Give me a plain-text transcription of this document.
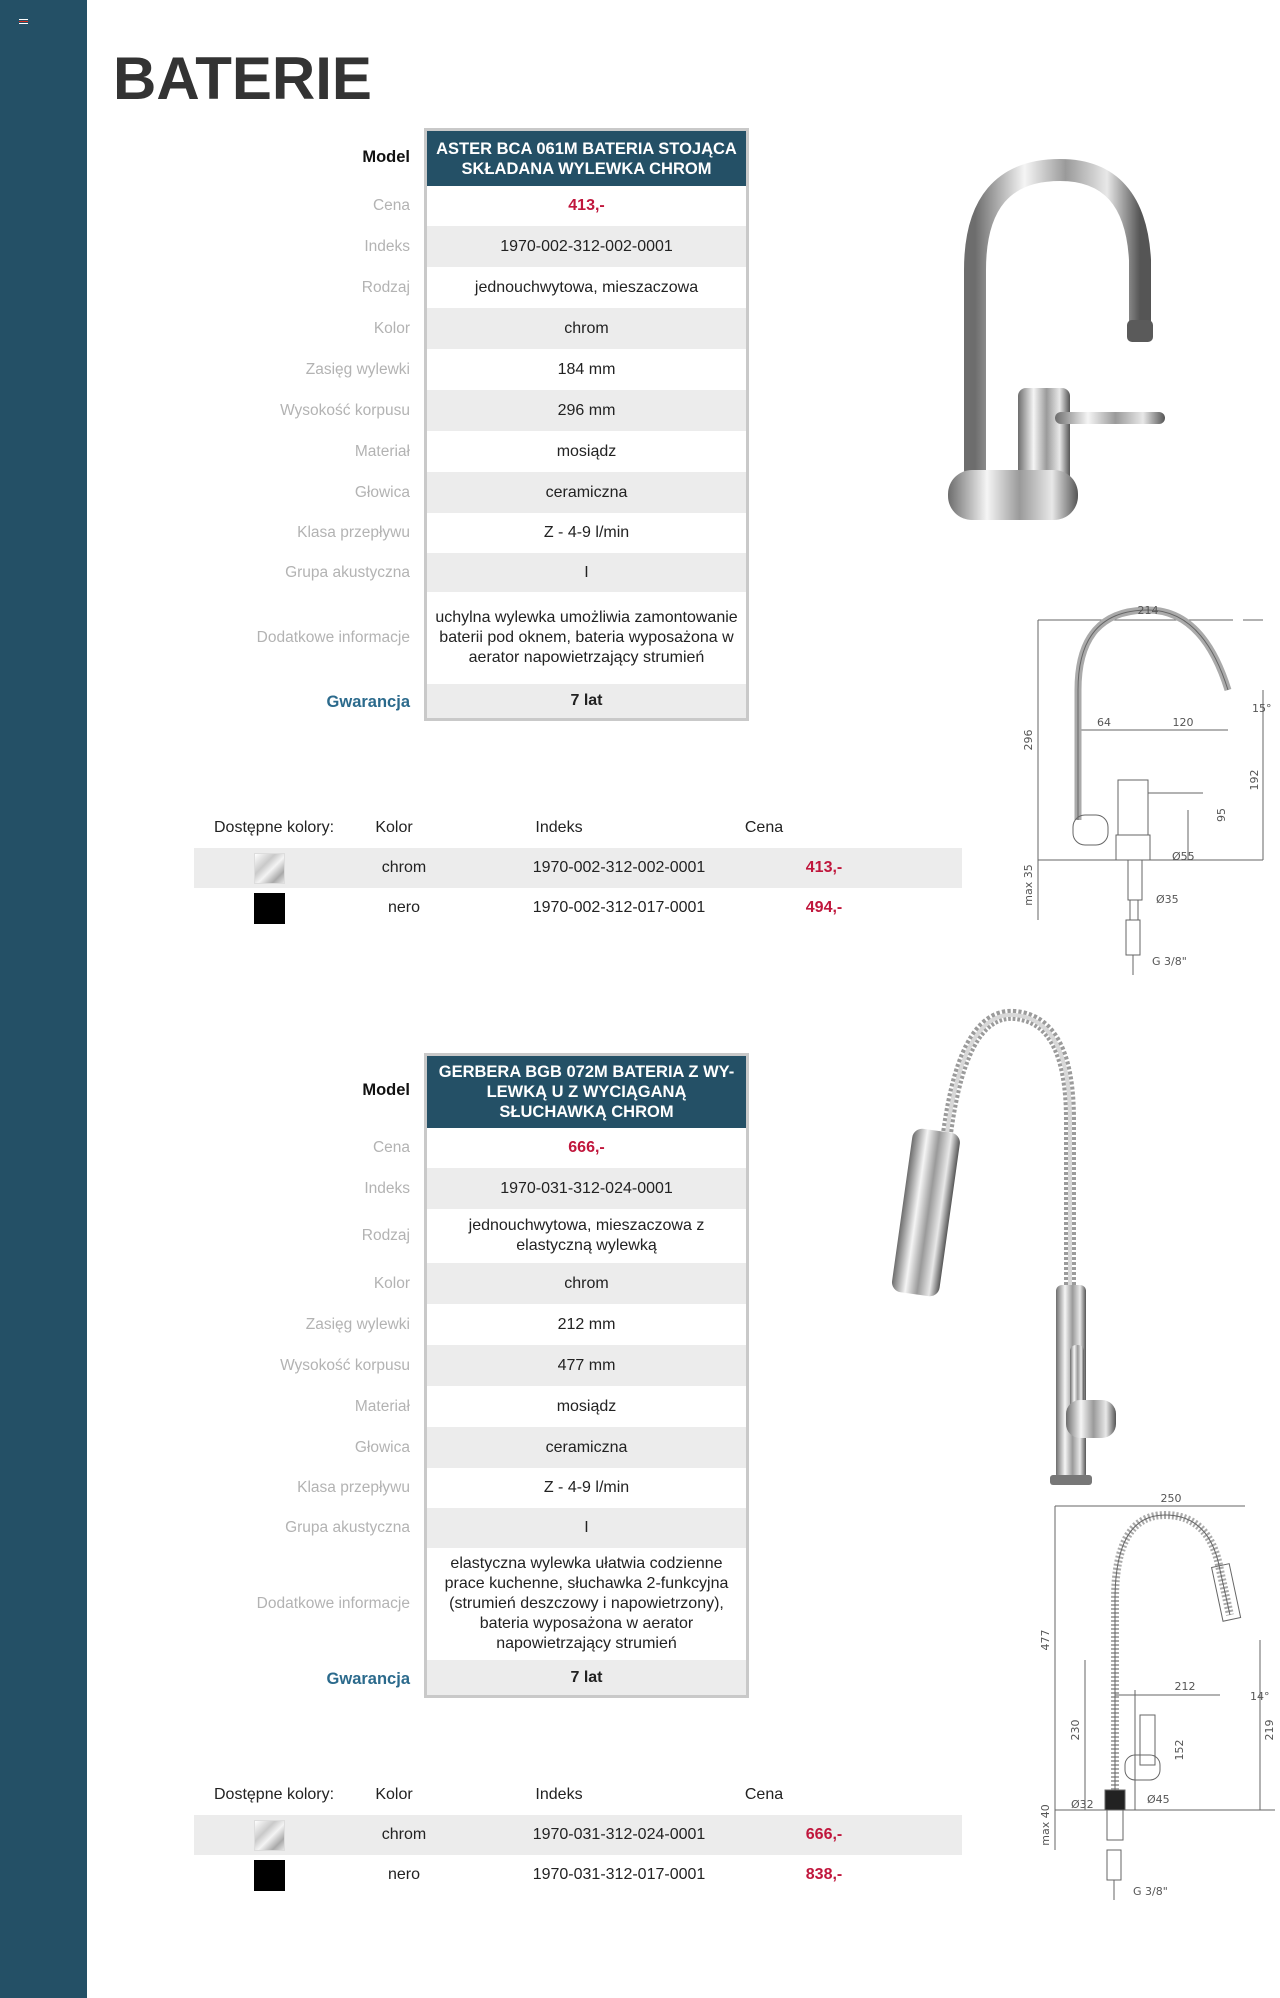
BATERIE
Model	ASTER BCA 061M BATERIA STOJĄCA SKŁADANA WYLEWKA CHROM
Cena	413,-
Indeks	1970-002-312-002-0001
Rodzaj	jednouchwytowa, mieszaczowa
Kolor	chrom
Zasięg wylewki	184 mm
Wysokość korpusu	296 mm
Materiał	mosiądz
Głowica	ceramiczna
Klasa przepływu	Z - 4-9 l/min
Grupa akustyczna	I
Dodatkowe informacje
uchylna wylewka umożliwia zamontowanie baterii pod oknem, bateria wyposażona w aerator napowietrzający strumień
Gwarancja	7 lat
Dostępne kolory:	Kolor	Indeks	Cena
chrom	1970-002-312-002-0001	413,-
nero	1970-002-312-017-0001	494,-
214
296
64	120
15°
192
95
Ø55
max 35	Ø35
G 3/8"
Model
GERBERA BGB 072M BATERIA Z WY-LEWKĄ U Z WYCIĄGANĄ SŁUCHAWKĄ CHROM
Cena	666,-
Indeks	1970-031-312-024-0001
Rodzaj
jednouchwytowa, mieszaczowa z elastyczną wylewką
Kolor	chrom
Zasięg wylewki	212 mm
Wysokość korpusu	477 mm
Materiał	mosiądz
Głowica	ceramiczna
Klasa przepływu	Z - 4-9 l/min
Grupa akustyczna	I
Dodatkowe informacje
elastyczna wylewka ułatwia codzienne prace kuchenne, słuchawka 2-funkcyjna (strumień deszczowy i napowietrzony), bateria wyposażona w aerator napowietrzający strumień
Gwarancja	7 lat
Dostępne kolory:	Kolor	Indeks	Cena
chrom	1970-031-312-024-0001	666,-
nero	1970-031-312-017-0001	838,-
250
477
212
14°
230
152
219
max 40 Ø32	Ø45
G 3/8"
